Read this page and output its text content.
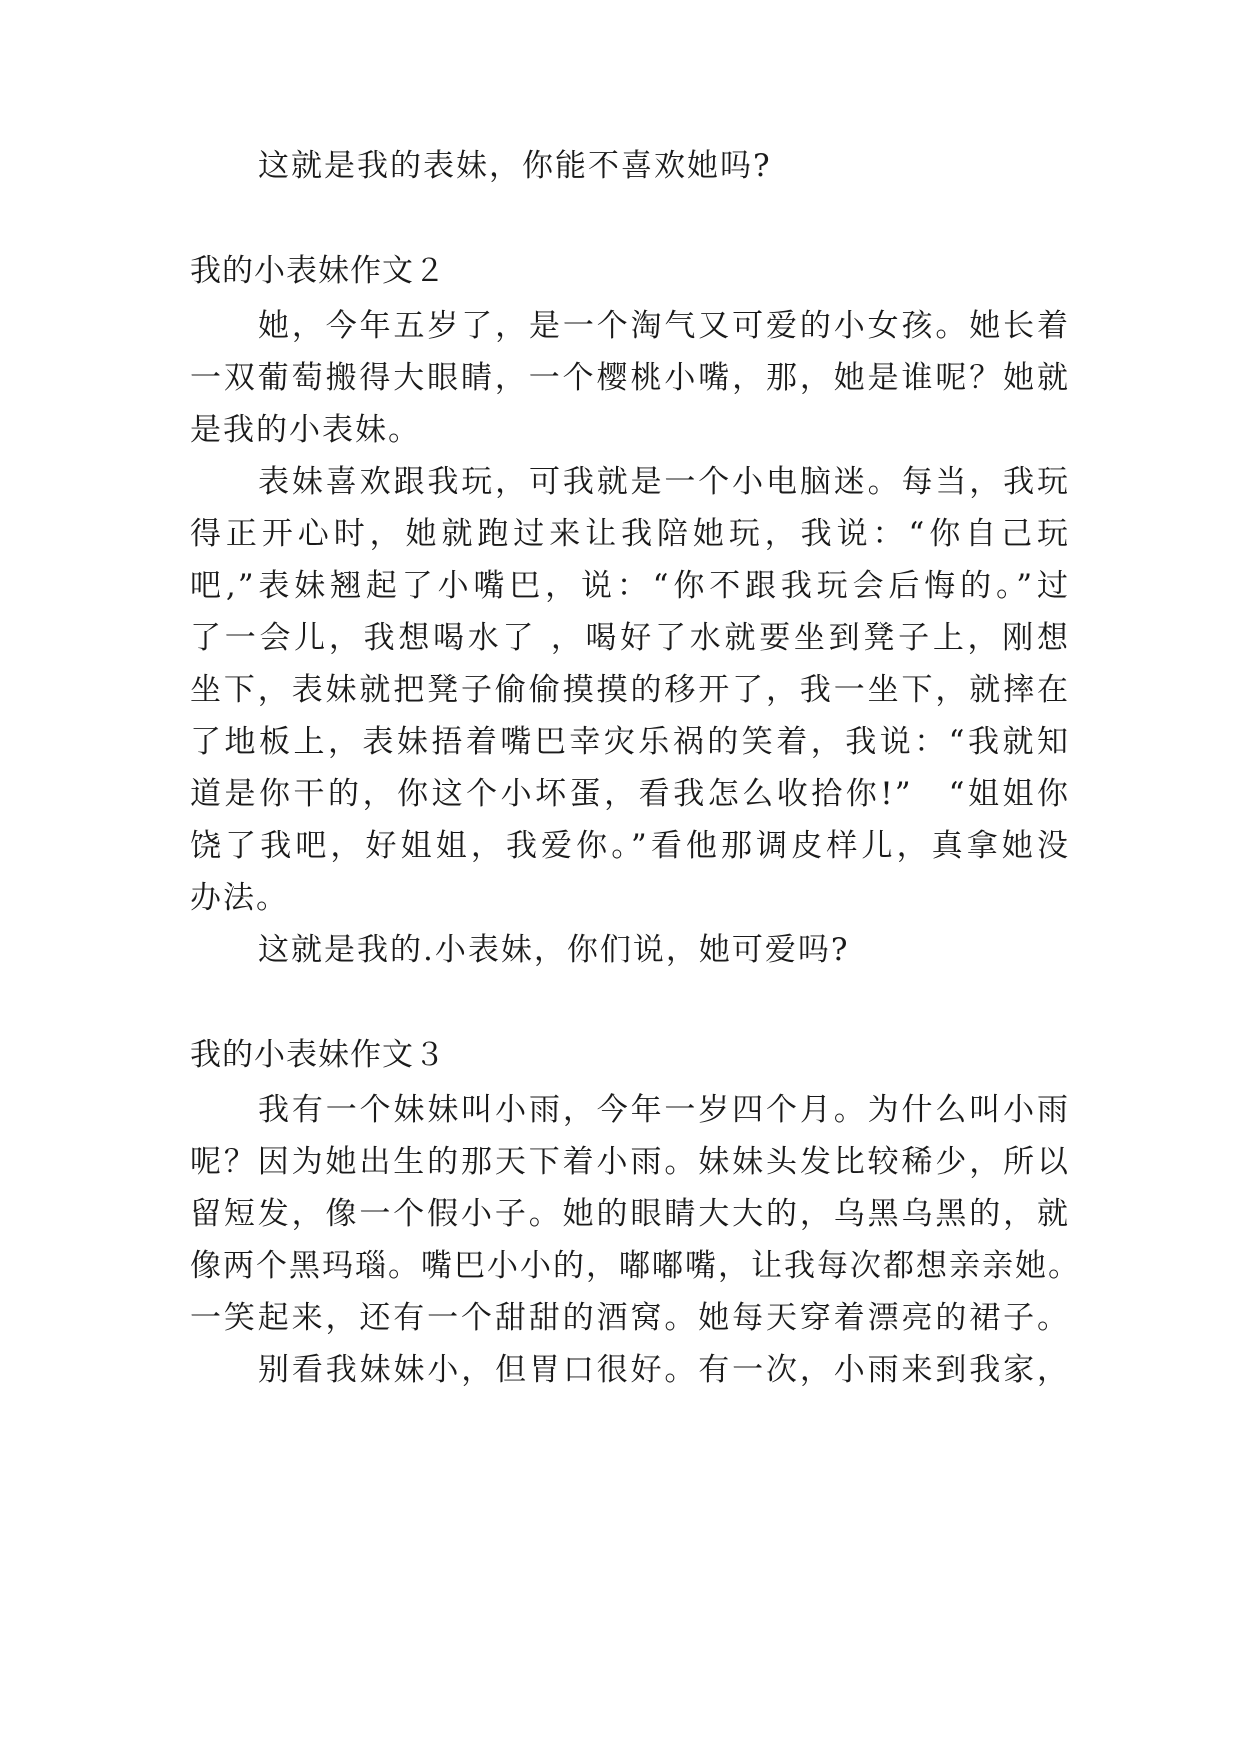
这就是我的表妹，你能不喜欢她吗?
我的小表妹作文２
她，今年五岁了，是一个淘气又可爱的小女孩。她长着
一双葡萄搬得大眼睛，一个樱桃小嘴，那，她是谁呢？她就
是我的小表妹。
表妹喜欢跟我玩，可我就是一个小电脑迷。每当，我玩
得正开心时，她就跑过来让我陪她玩，我说：“你自己玩
吧,”表妹翘起了小嘴巴，说：“你不跟我玩会后悔的。”过
了一会儿，我想喝水了 ，喝好了水就要坐到凳子上，刚想
坐下，表妹就把凳子偷偷摸摸的移开了，我一坐下，就摔在
了地板上，表妹捂着嘴巴幸灾乐祸的笑着，我说：“我就知
道是你干的，你这个小坏蛋，看我怎么收拾你!”　“姐姐你
饶了我吧，好姐姐，我爱你。”看他那调皮样儿，真拿她没
办法。
这就是我的.小表妹，你们说，她可爱吗?
我的小表妹作文３
我有一个妹妹叫小雨，今年一岁四个月。为什么叫小雨
呢？因为她出生的那天下着小雨。妹妹头发比较稀少，所以
留短发，像一个假小子。她的眼睛大大的，乌黑乌黑的，就
像两个黑玛瑙。嘴巴小小的，嘟嘟嘴，让我每次都想亲亲她。
一笑起来，还有一个甜甜的酒窝。她每天穿着漂亮的裙子。
别看我妹妹小，但胃口很好。有一次，小雨来到我家，
